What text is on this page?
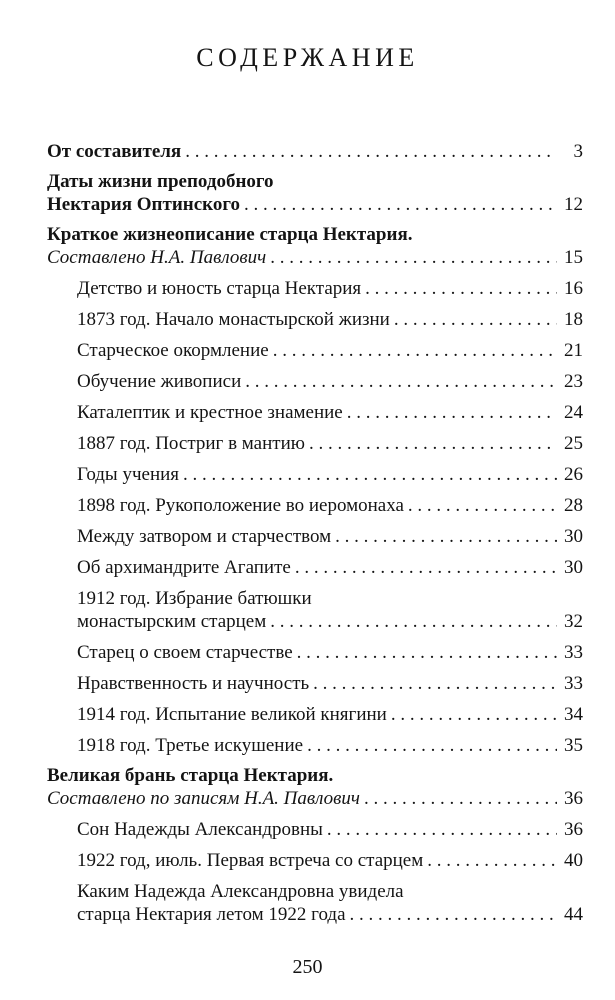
СОДЕРЖАНИЕ
От составителя . . .	3
Даты жизни преподобного
Нектария Оптинского . . .	12
Краткое жизнеописание старца Нектария.
Составлено Н.А. Павлович . . .	15
Детство и юность старца Нектария . . .	16
1873 год. Начало монастырской жизни . . .	18
Старческое окормление . . .	21
Обучение живописи . . .	23
Каталептик и крестное знамение . . .	24
1887 год. Постриг в мантию . . .	25
Годы учения . . .	26
1898 год. Рукоположение во иеромонаха . . .	28
Между затвором и старчеством . . .	30
Об архимандрите Агапите . . .	30
1912 год. Избрание батюшки
монастырским старцем . . .	32
Старец о своем старчестве . . .	33
Нравственность и научность . . .	33
1914 год. Испытание великой княгини . . .	34
1918 год. Третье искушение . . .	35
Великая брань старца Нектария.
Составлено по записям Н.А. Павлович . . .	36
Сон Надежды Александровны . . .	36
1922 год, июль. Первая встреча со старцем . . .	40
Каким Надежда Александровна увидела
старца Нектария летом 1922 года . . .	44
250
